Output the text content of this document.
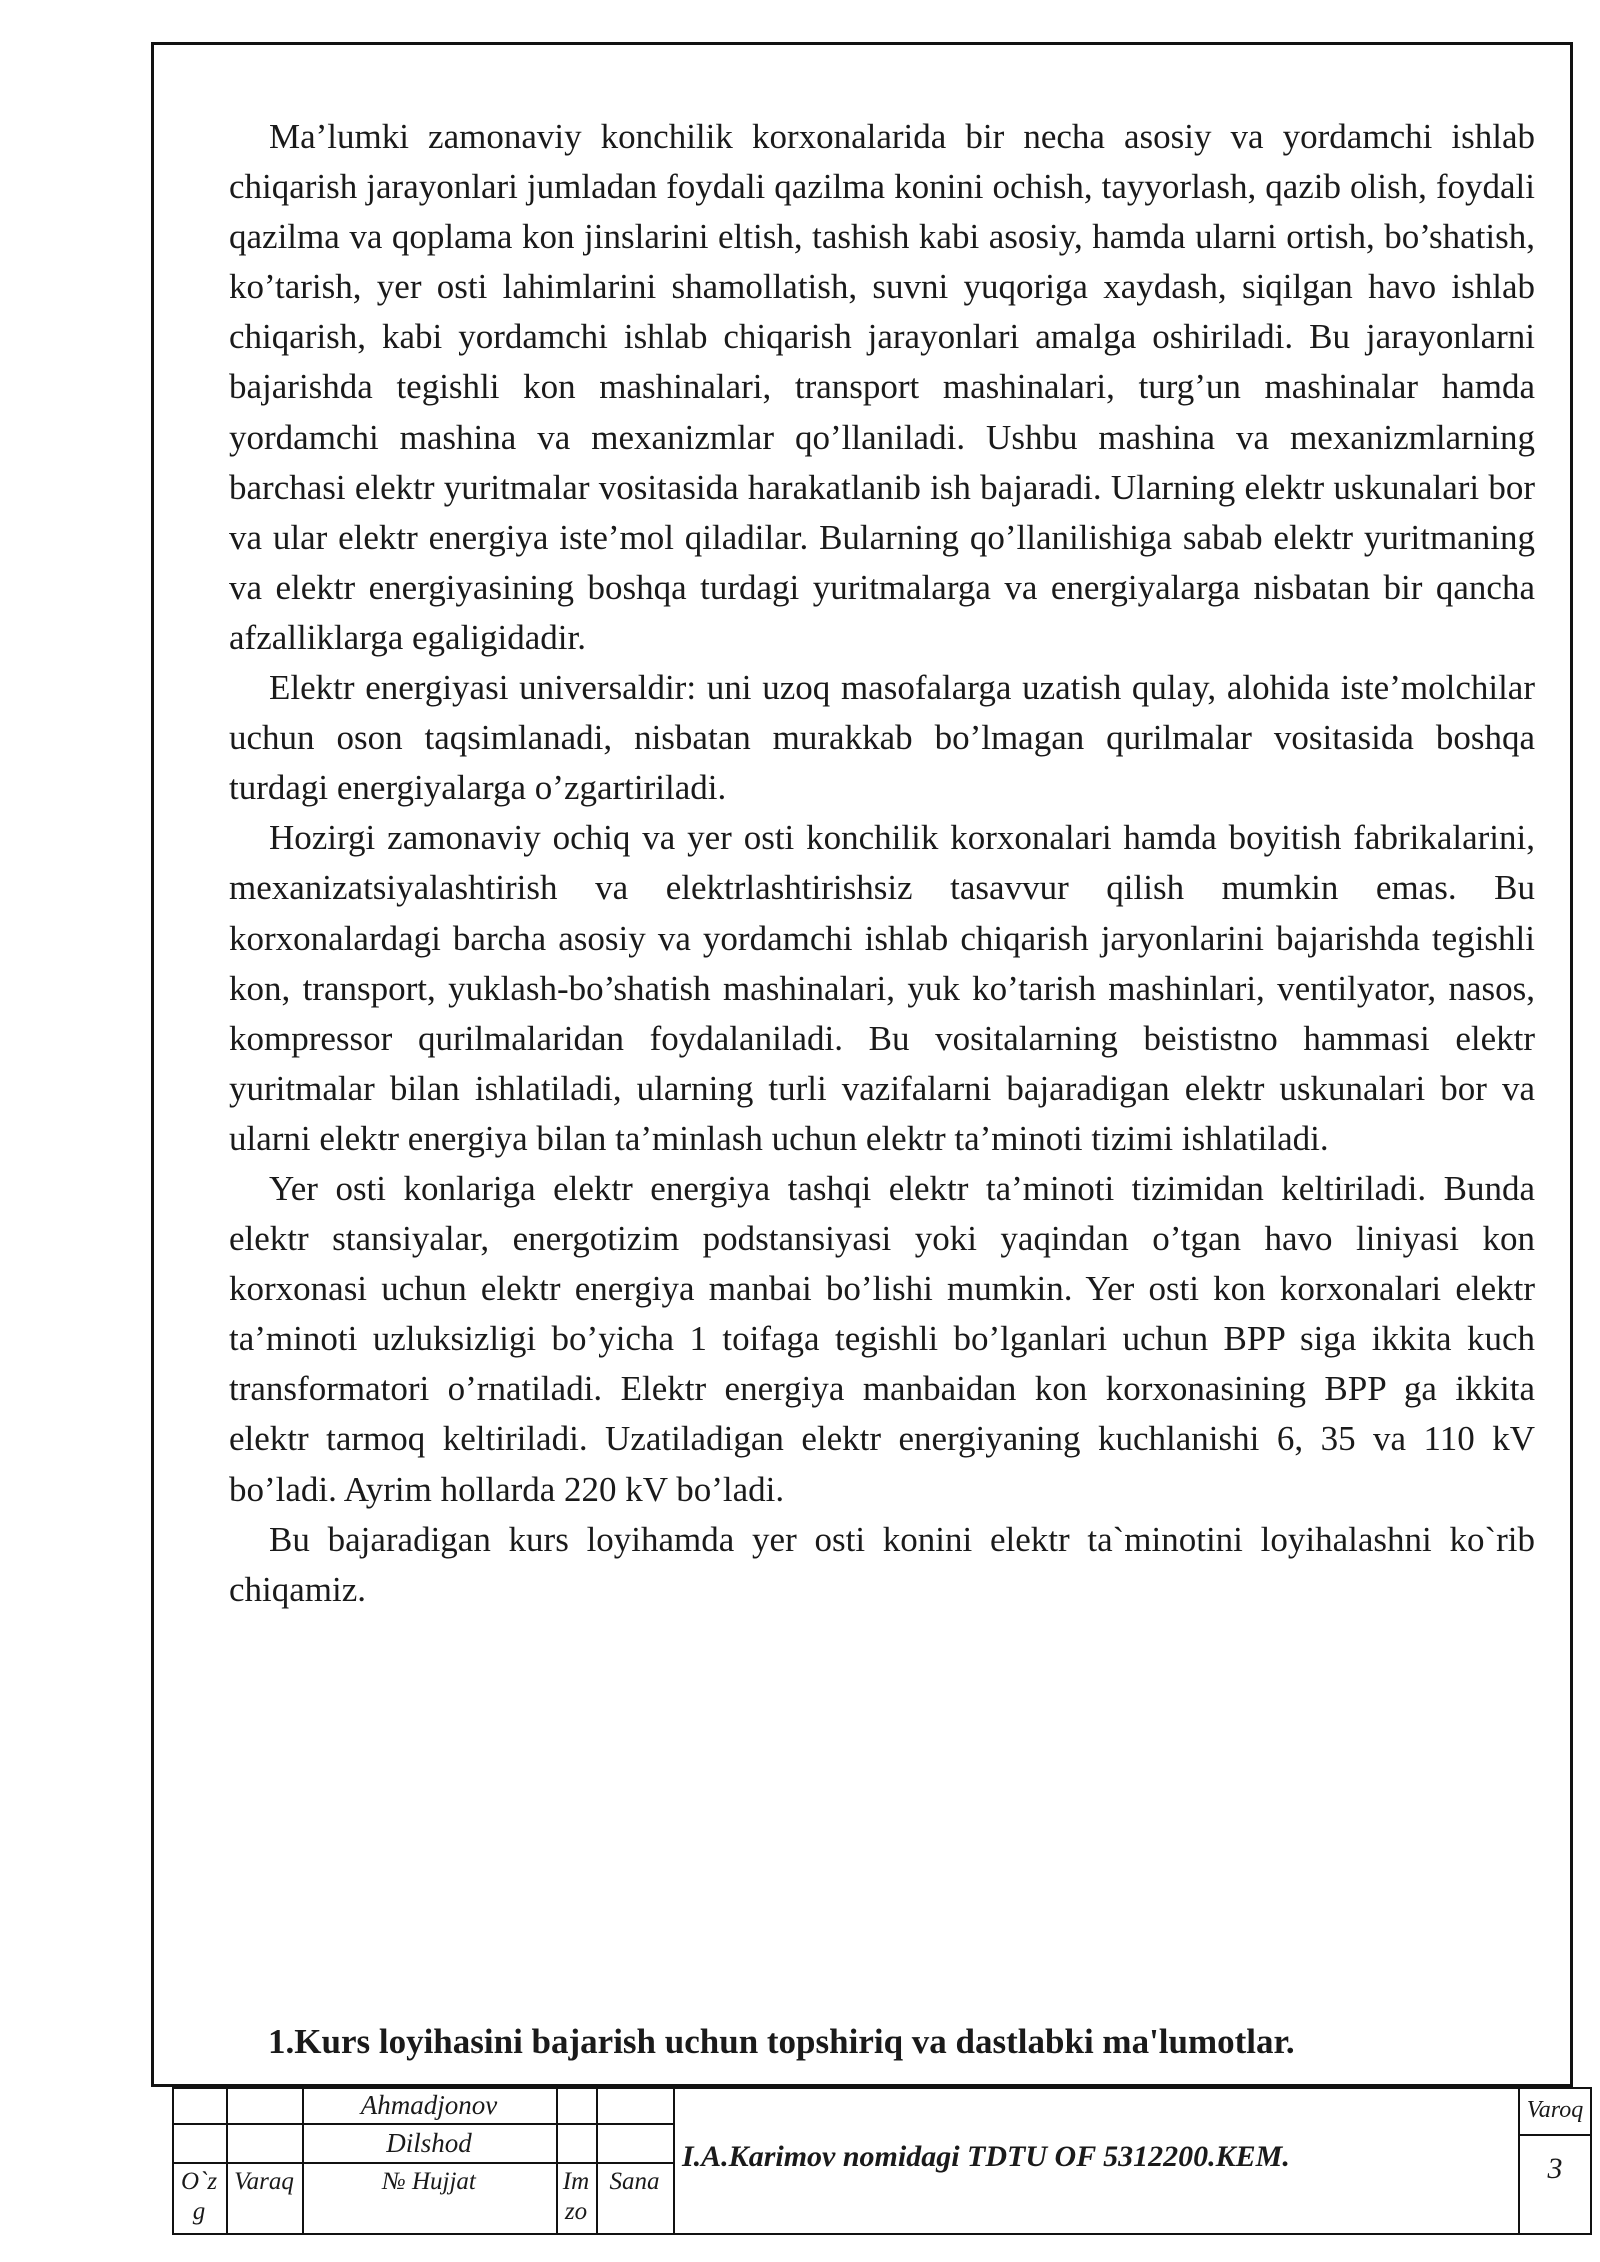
Ma’lumki zamonaviy konchilik korxonalarida bir necha asosiy va yordamchi ishlab chiqarish jarayonlari jumladan foydali qazilma konini ochish, tayyorlash, qazib olish, foydali qazilma va qoplama kon jinslarini eltish, tashish kabi asosiy, hamda ularni ortish, bo’shatish, ko’tarish, yer osti lahimlarini shamollatish, suvni yuqoriga xaydash, siqilgan havo ishlab chiqarish, kabi yordamchi ishlab chiqarish jarayonlari amalga oshiriladi. Bu jarayonlarni bajarishda tegishli kon mashinalari, transport mashinalari, turg’un mashinalar hamda yordamchi mashina va mexanizmlar qo’llaniladi. Ushbu mashina va mexanizmlarning barchasi elektr yuritmalar vositasida harakatlanib ish bajaradi. Ularning elektr uskunalari bor va ular elektr energiya iste’mol qiladilar. Bularning qo’llanilishiga sabab elektr yuritmaning va elektr energiyasining boshqa turdagi yuritmalarga va energiyalarga nisbatan bir qancha afzalliklarga egaligidadir.

Elektr energiyasi universaldir: uni uzoq masofalarga uzatish qulay, alohida iste’molchilar uchun oson taqsimlanadi, nisbatan murakkab bo’lmagan qurilmalar vositasida boshqa turdagi energiyalarga o’zgartiriladi.

Hozirgi zamonaviy ochiq va yer osti konchilik korxonalari hamda boyitish fabrikalarini, mexanizatsiyalashtirish va elektrlashtirishsiz tasavvur qilish mumkin emas. Bu korxonalardagi barcha asosiy va yordamchi ishlab chiqarish jaryonlarini bajarishda tegishli kon, transport, yuklash-bo’shatish mashinalari, yuk ko’tarish mashinlari, ventilyator, nasos, kompressor qurilmalaridan foydalaniladi. Bu vositalarning beististno hammasi elektr yuritmalar bilan ishlatiladi, ularning turli vazifalarni bajaradigan elektr uskunalari bor va ularni elektr energiya bilan ta’minlash uchun elektr ta’minoti tizimi ishlatiladi.

Yer osti konlariga elektr energiya tashqi elektr ta’minoti tizimidan keltiriladi. Bunda elektr stansiyalar, energotizim podstansiyasi yoki yaqindan o’tgan havo liniyasi kon korxonasi uchun elektr energiya manbai bo’lishi mumkin. Yer osti kon korxonalari elektr ta’minoti uzluksizligi bo’yicha 1 toifaga tegishli bo’lganlari uchun BPP siga ikkita kuch transformatori o’rnatiladi. Elektr energiya manbaidan kon korxonasining BPP ga ikkita elektr tarmoq keltiriladi. Uzatiladigan elektr energiyaning kuchlanishi 6, 35 va 110 kV bo’ladi. Ayrim hollarda 220 kV bo’ladi.

Bu bajaradigan kurs loyihamda yer osti konini elektr ta`minotini loyihalashni ko`rib chiqamiz.

1.Kurs loyihasini bajarish uchun topshiriq va dastlabki ma'lumotlar.
Ahmadjonov
Dilshod
O`z
g
Varaq	№ Hujjat	Im
zo
Sana
I.A.Karimov nomidagi TDTU OF 5312200.KEM.
Varoq
3
